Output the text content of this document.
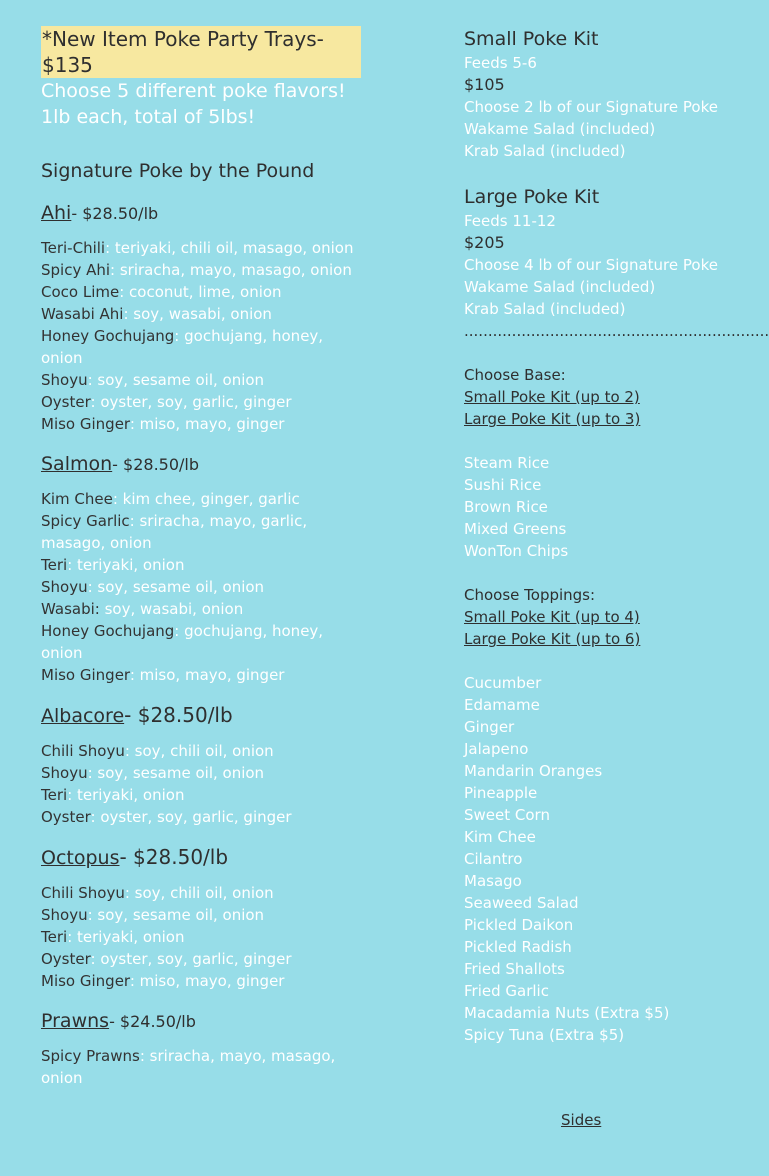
*New Item Poke Party Trays- $135
Choose 5 different poke flavors!
1lb each, total of 5lbs!
Signature Poke by the Pound
Ahi- $28.50/lb
Teri-Chili: teriyaki, chili oil, masago, onion
Spicy Ahi: sriracha, mayo, masago, onion
Coco Lime: coconut, lime, onion
Wasabi Ahi: soy, wasabi, onion
Honey Gochujang: gochujang, honey, onion
Shoyu: soy, sesame oil, onion
Oyster: oyster, soy, garlic, ginger
Miso Ginger: miso, mayo, ginger
Salmon- $28.50/lb
Kim Chee: kim chee, ginger, garlic
Spicy Garlic: sriracha, mayo, garlic, masago, onion
Teri: teriyaki, onion
Shoyu: soy, sesame oil, onion
Wasabi: soy, wasabi, onion
Honey Gochujang: gochujang, honey, onion
Miso Ginger: miso, mayo, ginger
Albacore- $28.50/lb
Chili Shoyu: soy, chili oil, onion
Shoyu: soy, sesame oil, onion
Teri: teriyaki, onion
Oyster: oyster, soy, garlic, ginger
Octopus- $28.50/lb
Chili Shoyu: soy, chili oil, onion
Shoyu: soy, sesame oil, onion
Teri: teriyaki, onion
Oyster: oyster, soy, garlic, ginger
Miso Ginger: miso, mayo, ginger
Prawns- $24.50/lb
Spicy Prawns: sriracha, mayo, masago, onion
Small Poke Kit
Feeds 5-6
$105
Choose 2 lb of our Signature Poke
Wakame Salad (included)
Krab Salad (included)
Large Poke Kit
Feeds 11-12
$205
Choose 4 lb of our Signature Poke
Wakame Salad (included)
Krab Salad (included)
................................................................
Choose Base:
Small Poke Kit (up to 2)
Large Poke Kit (up to 3)
Steam Rice
Sushi Rice
Brown Rice
Mixed Greens
WonTon Chips
Choose Toppings:
Small Poke Kit (up to 4)
Large Poke Kit (up to 6)
Cucumber
Edamame
Ginger
Jalapeno
Mandarin Oranges
Pineapple
Sweet Corn
Kim Chee
Cilantro
Masago
Seaweed Salad
Pickled Daikon
Pickled Radish
Fried Shallots
Fried Garlic
Macadamia Nuts (Extra $5)
Spicy Tuna (Extra $5)
Sides
